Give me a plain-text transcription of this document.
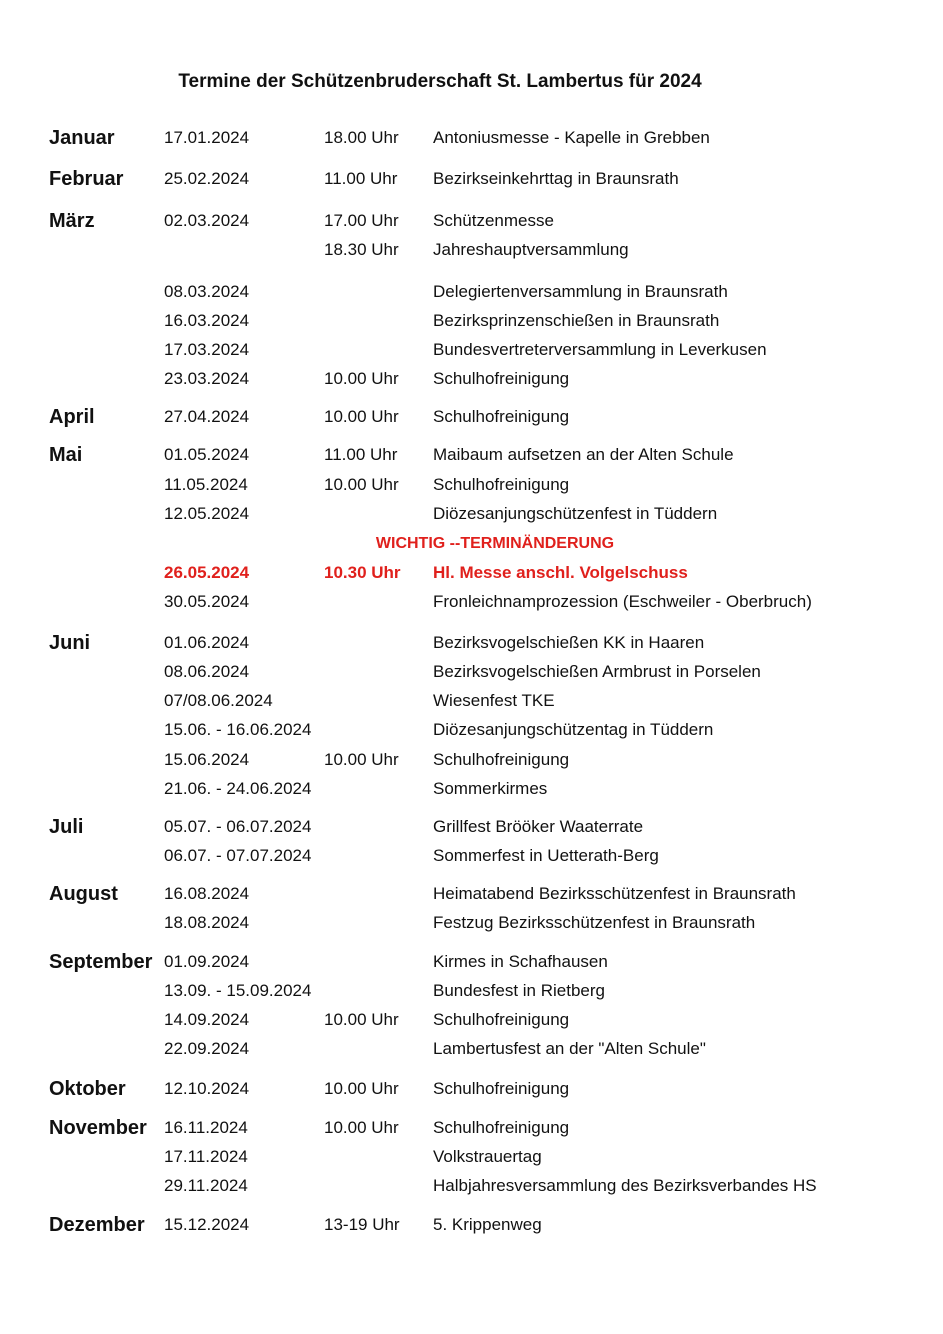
Termine der Schützenbruderschaft St. Lambertus für 2024
WICHTIG --TERMINÄNDERUNG
Januar	17.01.2024	18.00 Uhr Antoniusmesse - Kapelle in Grebben
Februar 25.02.2024	11.00 Uhr Bezirkseinkehrttag in Braunsrath
März	02.03.2024	17.00 Uhr Schützenmesse
18.30 Uhr Jahreshauptversammlung
08.03.2024	Delegiertenversammlung in Braunsrath
16.03.2024	Bezirksprinzenschießen in Braunsrath
17.03.2024	Bundesvertreterversammlung in Leverkusen
23.03.2024	10.00 Uhr Schulhofreinigung
April	27.04.2024	10.00 Uhr Schulhofreinigung
Mai	01.05.2024	11.00 Uhr Maibaum aufsetzen an der Alten Schule
11.05.2024	10.00 Uhr Schulhofreinigung
12.05.2024	Diözesanjungschützenfest in Tüddern
26.05.2024	10.30 Uhr Hl. Messe anschl. Volgelschuss
30.05.2024	Fronleichnamprozession (Eschweiler - Oberbruch)
Juni	01.06.2024	Bezirksvogelschießen KK in Haaren
08.06.2024	Bezirksvogelschießen Armbrust in Porselen
07/08.06.2024	Wiesenfest TKE
15.06. - 16.06.2024	Diözesanjungschützentag in Tüddern
15.06.2024	10.00 Uhr Schulhofreinigung
21.06. - 24.06.2024	Sommerkirmes
Juli	05.07. - 06.07.2024	Grillfest Brööker Waaterrate
06.07. - 07.07.2024	Sommerfest in Uetterath-Berg
August	16.08.2024	Heimatabend Bezirksschützenfest in Braunsrath
18.08.2024	Festzug Bezirksschützenfest in Braunsrath
September 01.09.2024	Kirmes in Schafhausen
13.09. - 15.09.2024	Bundesfest in Rietberg
14.09.2024	10.00 Uhr Schulhofreinigung
22.09.2024	Lambertusfest an der "Alten Schule"
Oktober 12.10.2024	10.00 Uhr Schulhofreinigung
November 16.11.2024	10.00 Uhr Schulhofreinigung
17.11.2024	Volkstrauertag
29.11.2024	Halbjahresversammlung des Bezirksverbandes HS
Dezember 15.12.2024	13-19 Uhr 5. Krippenweg
